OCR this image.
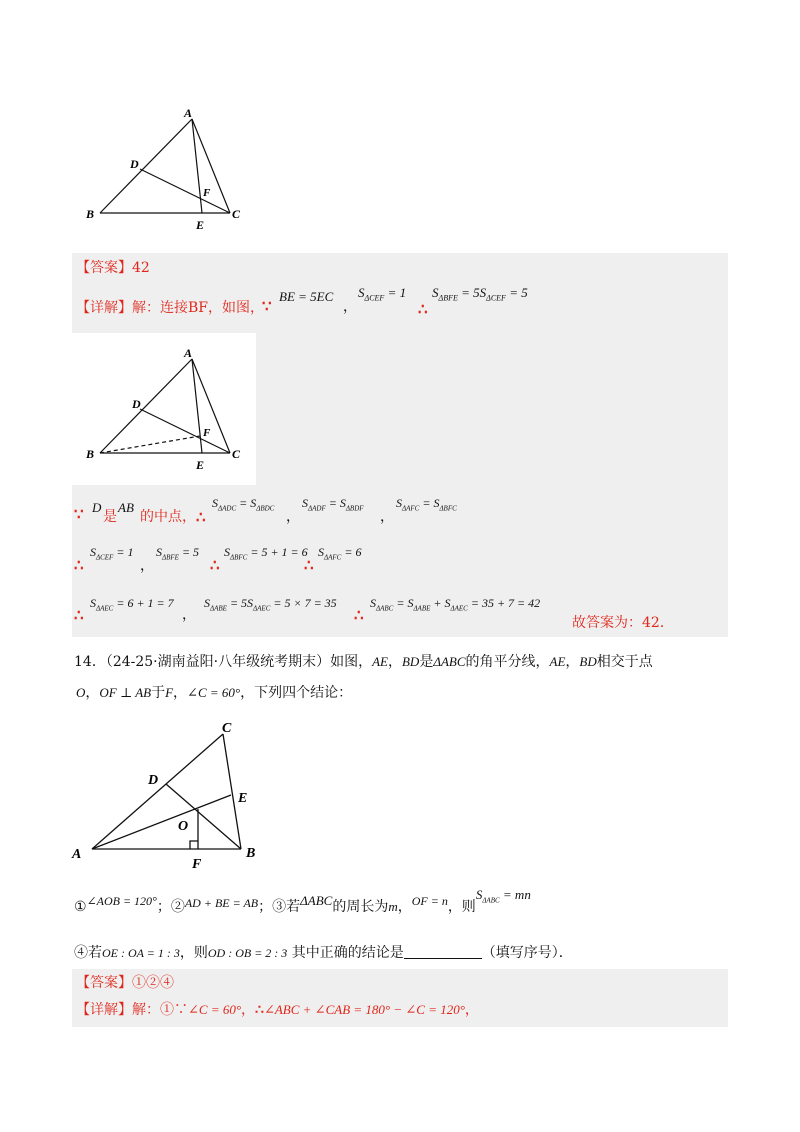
A
B	C
D
E
F
【答案】42
【详解】解：连接BF，如图，
∵
BE = 5EC
，
$S_{\Delta CEF} = 1$
∴
$S_{\Delta BFE} = 5S_{\Delta CEF} = 5$
A
B	C
D
E
F
∵ D
是
AB
的中点， ∴
$S_{\Delta ADC} = S_{\Delta BDC}$
，
$S_{\Delta ADF} = S_{\Delta BDF}$
，
$S_{\Delta AFC} = S_{\Delta BFC}$
∴
$S_{\Delta CEF} = 1$
，
$S_{\Delta BFE} = 5$
∴
$S_{\Delta BFC} = 5 + 1 = 6$
∴
$S_{\Delta AFC} = 6$
∴
$S_{\Delta AEC} = 6 + 1 = 7$
，
$S_{\Delta ABE} = 5S_{\Delta AEC} = 5 \times 7 = 35$
∴
$S_{\Delta ABC} = S_{\Delta ABE} + S_{\Delta AEC} = 35 + 7 = 42$
故答案为：42．
14．（24-25·湖南益阳·八年级统考期末）如图，AE，BD是ΔABC的角平分线，AE，BD相交于点
O，OF ⊥ AB于F，∠C = 60°，下列四个结论：
A	B
C
D
E
F
O
①∠AOB = 120°；②AD + BE = AB；③若ΔABC的周长为m，OF = n，则$S_{\Delta ABC}$ = mn
④若OE : OA = 1 : 3，则OD : OB = 2 : 3 其中正确的结论是	（填写序号）．
【答案】①②④
【详解】解：①∵∠C = 60°，∴∠ABC + ∠CAB = 180° − ∠C = 120°，
